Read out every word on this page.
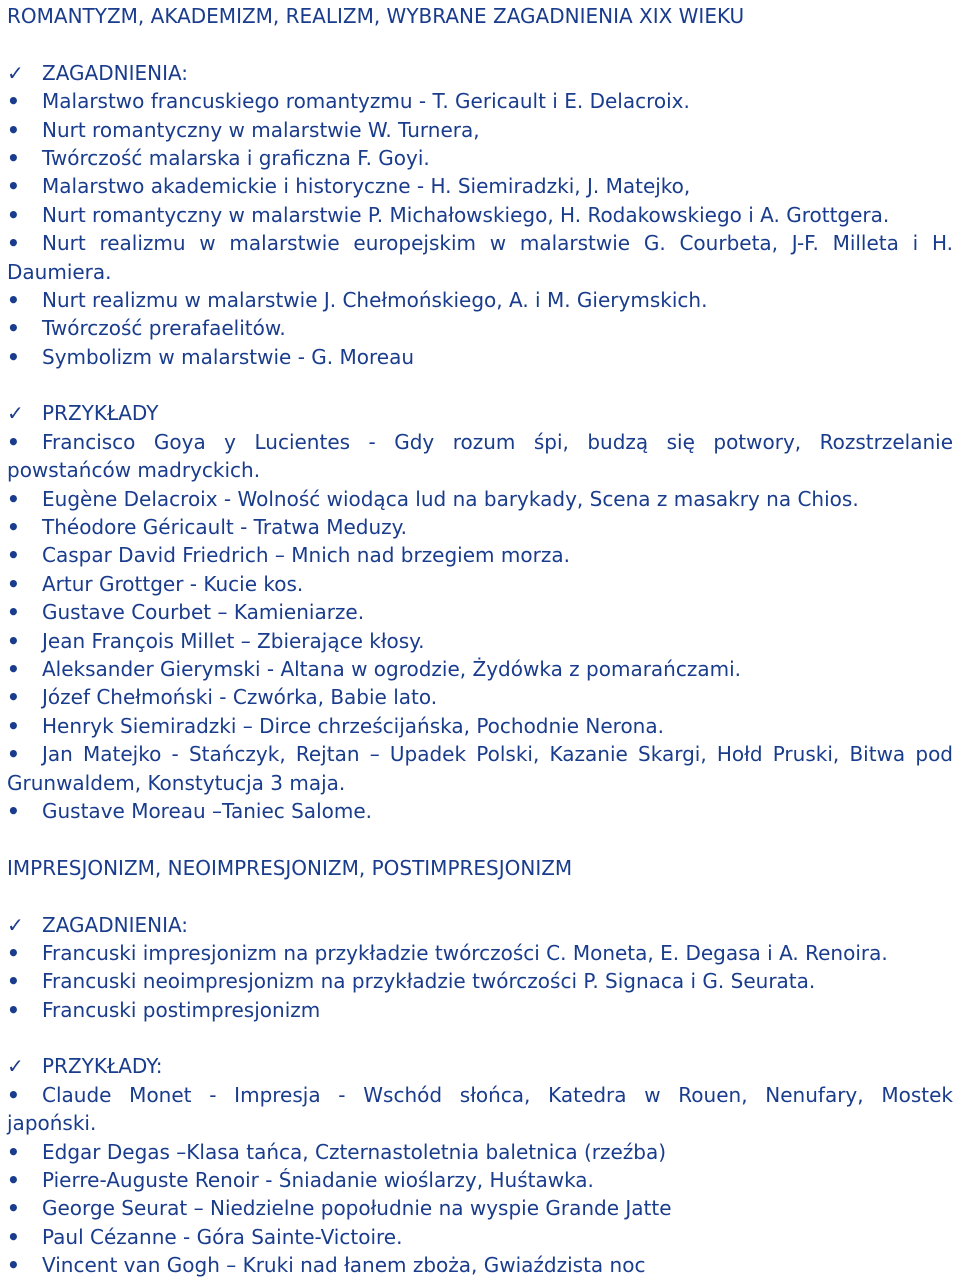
ROMANTYZM, AKADEMIZM, REALIZM, WYBRANE ZAGADNIENIA XIX WIEKU
✓ ZAGADNIENIA:
•	Malarstwo francuskiego romantyzmu - T. Gericault i E. Delacroix.
•	Nurt romantyczny w malarstwie W. Turnera,
•	Twórczość malarska i graficzna F. Goyi.
•	Malarstwo akademickie i historyczne - H. Siemiradzki, J. Matejko,
•	Nurt romantyczny w malarstwie P. Michałowskiego, H. Rodakowskiego i A. Grottgera.
•	Nurt realizmu w malarstwie europejskim w malarstwie G. Courbeta, J-F. Milleta i H.
Daumiera.
•	Nurt realizmu w malarstwie J. Chełmońskiego, A. i M. Gierymskich.
•	Twórczość prerafaelitów.
•	Symbolizm w malarstwie - G. Moreau
✓ PRZYKŁADY
•	Francisco Goya y Lucientes - Gdy rozum śpi, budzą się potwory, Rozstrzelanie
powstańców madryckich.
•	Eugène Delacroix - Wolność wiodąca lud na barykady, Scena z masakry na Chios.
•	Théodore Géricault - Tratwa Meduzy.
•	Caspar David Friedrich – Mnich nad brzegiem morza.
•	Artur Grottger - Kucie kos.
•	Gustave Courbet – Kamieniarze.
•	Jean François Millet – Zbierające kłosy.
•	Aleksander Gierymski - Altana w ogrodzie, Żydówka z pomarańczami.
•	Józef Chełmoński - Czwórka, Babie lato.
•	Henryk Siemiradzki – Dirce chrześcijańska, Pochodnie Nerona.
•	Jan Matejko - Stańczyk, Rejtan – Upadek Polski, Kazanie Skargi, Hołd Pruski, Bitwa pod
Grunwaldem, Konstytucja 3 maja.
•	Gustave Moreau –Taniec Salome.
IMPRESJONIZM, NEOIMPRESJONIZM, POSTIMPRESJONIZM
✓ ZAGADNIENIA:
•	Francuski impresjonizm na przykładzie twórczości C. Moneta, E. Degasa i A. Renoira.
•	Francuski neoimpresjonizm na przykładzie twórczości P. Signaca i G. Seurata.
•	Francuski postimpresjonizm
✓ PRZYKŁADY:
•	Claude Monet - Impresja - Wschód słońca, Katedra w Rouen, Nenufary, Mostek
japoński.
•	Edgar Degas –Klasa tańca, Czternastoletnia baletnica (rzeźba)
•	Pierre-Auguste Renoir - Śniadanie wioślarzy, Huśtawka.
•	George Seurat – Niedzielne popołudnie na wyspie Grande Jatte
•	Paul Cézanne - Góra Sainte-Victoire.
•	Vincent van Gogh – Kruki nad łanem zboża, Gwiaździsta noc
